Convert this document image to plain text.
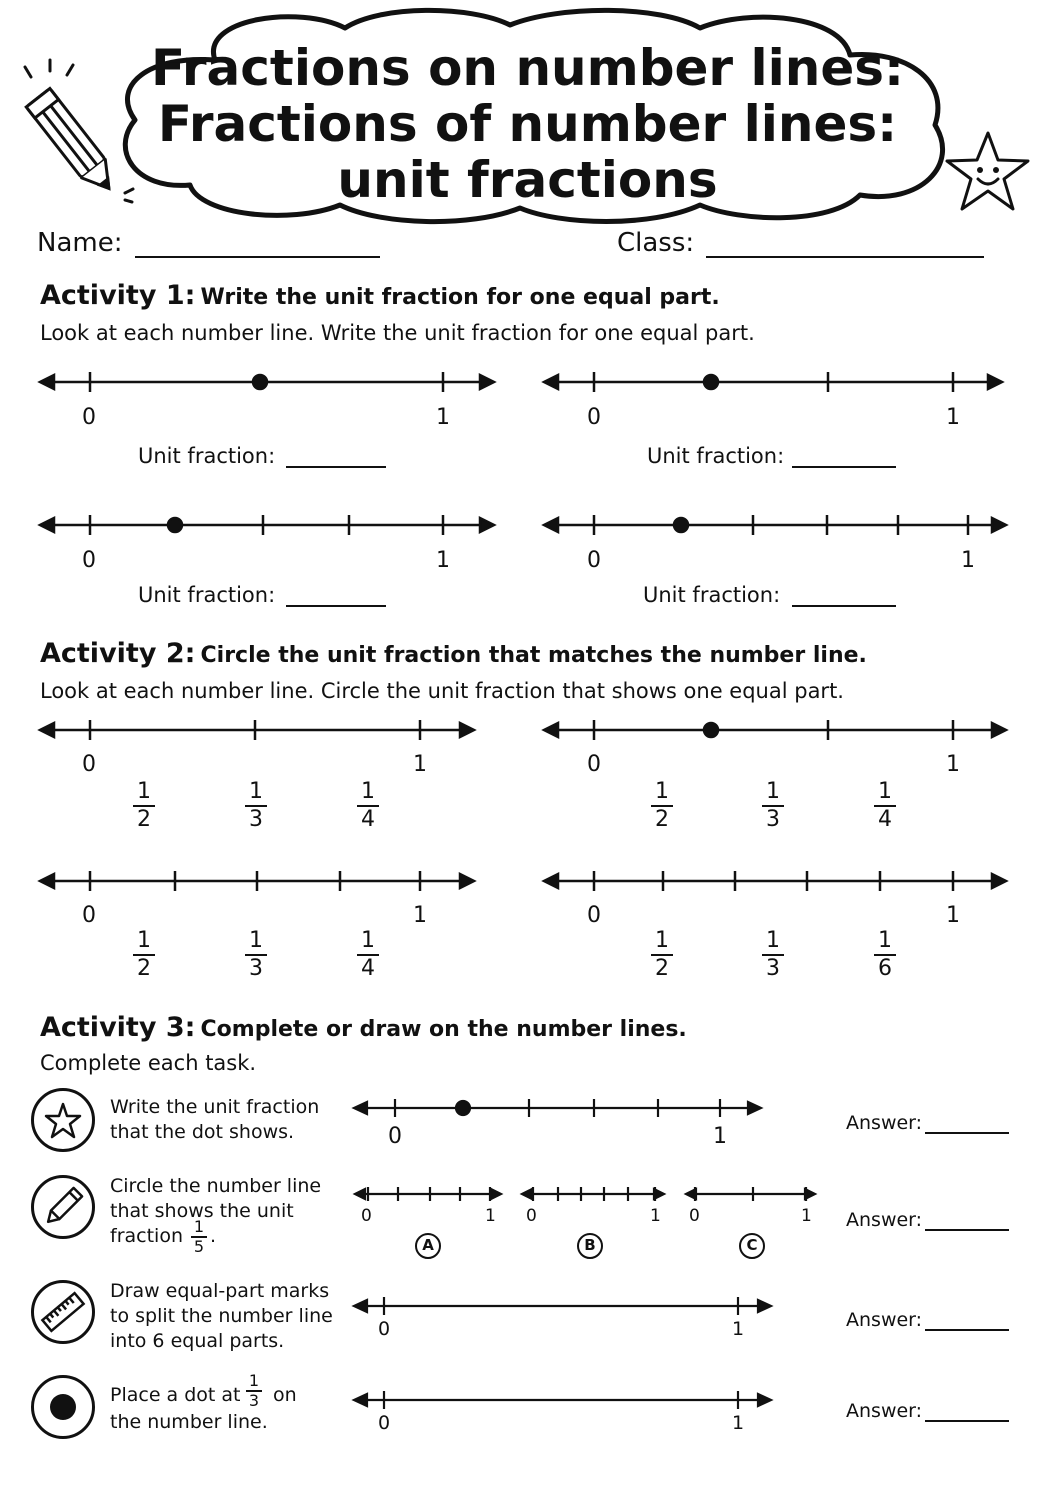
Fractions on number lines:
Fractions of number lines:
unit fractions
Name:	Class:
Activity 1: Write the unit fraction for one equal part.
Look at each number line. Write the unit fraction for one equal part.
0	1	0	1
0	1	0	1
Unit fraction:	Unit fraction:
Unit fraction:	Unit fraction:
Activity 2: Circle the unit fraction that matches the number line.
Look at each number line. Circle the unit fraction that shows one equal part.
0	1	0	1
0	1	0	1
1
2
1
3
1
4
1
2
1
3
1
4
1
2
1
3
1
4
1
2
1
3
1
6
Activity 3: Complete or draw on the number lines.
Complete each task.
Write the unit fraction
that the dot shows.
Circle the number line
that shows the unit
fraction 1
5 .
Draw equal-part marks
to split the number line
into 6 equal parts.
Place a dot at
1
3 on
the number line.
0	1
0	1 0	1 0	1
A	B	C
0	1
0	1
Answer:
Answer:
Answer:
Answer:
